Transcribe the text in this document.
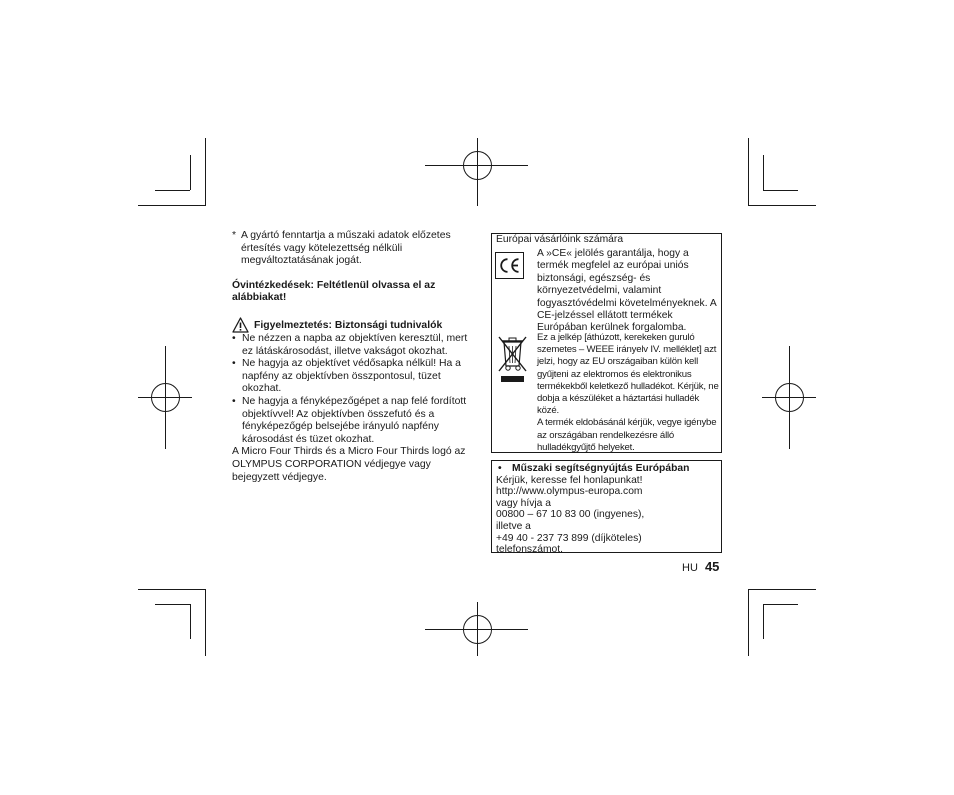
* A gyártó fenntartja a műszaki adatok előzetes értesítés vagy kötelezettség nélküli megváltoztatásának jogát.

Óvintézkedések: Feltétlenül olvassa el az alábbiakat!

Figyelmeztetés: Biztonsági tudnivalók
• Ne nézzen a napba az objektíven keresztül, mert ez látáskárosodást, illetve vakságot okozhat.
• Ne hagyja az objektívet védősapka nélkül! Ha a napfény az objektívben összpontosul, tüzet okozhat.
• Ne hagyja a fényképezőgépet a nap felé fordított objektívvel! Az objektívben összefutó és a fényképezőgép belsejébe irányuló napfény károsodást és tüzet okozhat.

A Micro Four Thirds és a Micro Four Thirds logó az OLYMPUS CORPORATION védjegye vagy bejegyzett védjegye.

Európai vásárlóink számára
A »CE« jelölés garantálja, hogy a termék megfelel az európai uniós biztonsági, egészség- és környezetvédelmi, valamint fogyasztóvédelmi követelményeknek. A CE-jelzéssel ellátott termékek Európában kerülnek forgalomba.
Ez a jelkép [áthúzott, kerekeken guruló szemetes – WEEE irányelv IV. melléklet] azt jelzi, hogy az EU országaiban külön kell gyűjteni az elektromos és elektronikus termékekből keletkező hulladékot. Kérjük, ne dobja a készüléket a háztartási hulladék közé.
A termék eldobásánál kérjük, vegye igénybe az országában rendelkezésre álló hulladékgyűjtő helyeket.
•	Műszaki segítségnyújtás Európában
Kérjük, keresse fel honlapunkat!
http://www.olympus-europa.com
vagy hívja a
00800 – 67 10 83 00 (ingyenes),
illetve a
+49 40 - 237 73 899 (díjköteles)
telefonszámot.
HU 45
